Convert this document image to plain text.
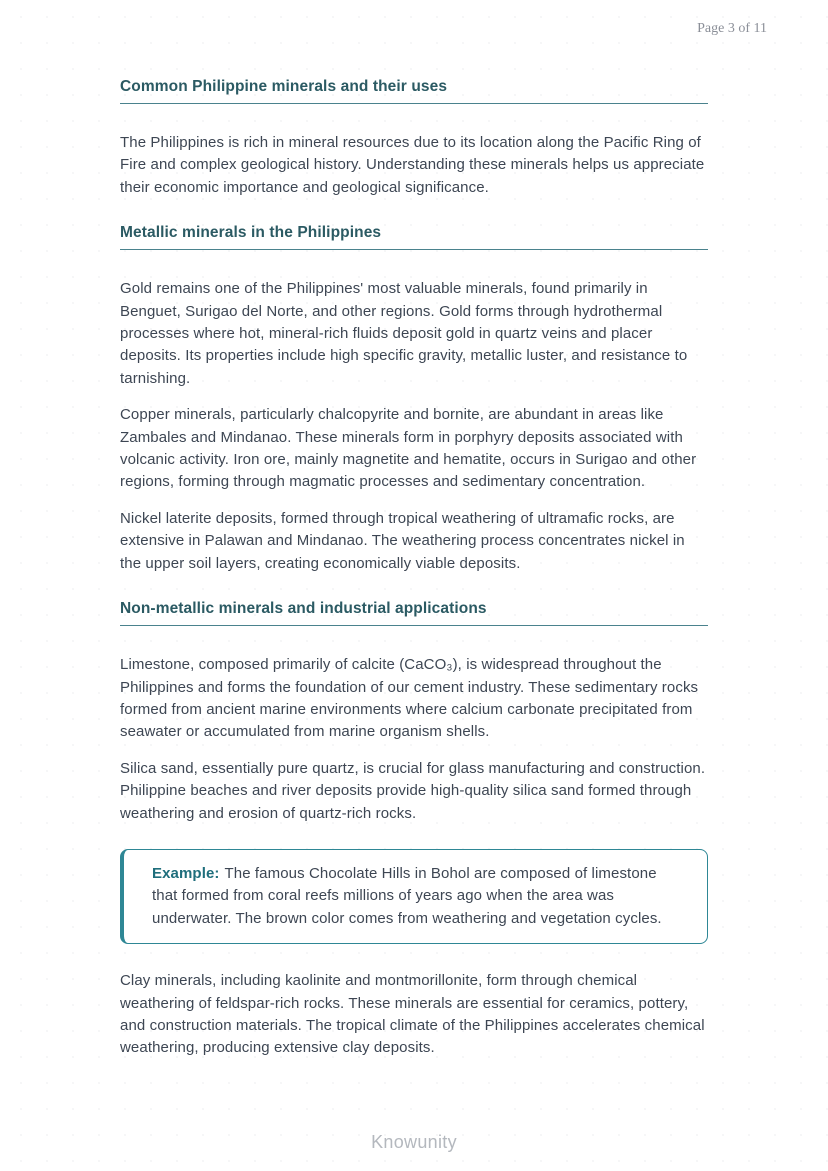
Page 3 of 11
Common Philippine minerals and their uses

The Philippines is rich in mineral resources due to its location along the Pacific Ring of Fire and complex geological history. Understanding these minerals helps us appreciate their economic importance and geological significance.

Metallic minerals in the Philippines

Gold remains one of the Philippines' most valuable minerals, found primarily in Benguet, Surigao del Norte, and other regions. Gold forms through hydrothermal processes where hot, mineral-rich fluids deposit gold in quartz veins and placer deposits. Its properties include high specific gravity, metallic luster, and resistance to tarnishing.

Copper minerals, particularly chalcopyrite and bornite, are abundant in areas like Zambales and Mindanao. These minerals form in porphyry deposits associated with volcanic activity. Iron ore, mainly magnetite and hematite, occurs in Surigao and other regions, forming through magmatic processes and sedimentary concentration.

Nickel laterite deposits, formed through tropical weathering of ultramafic rocks, are extensive in Palawan and Mindanao. The weathering process concentrates nickel in the upper soil layers, creating economically viable deposits.

Non-metallic minerals and industrial applications

Limestone, composed primarily of calcite (CaCO₃), is widespread throughout the Philippines and forms the foundation of our cement industry. These sedimentary rocks formed from ancient marine environments where calcium carbonate precipitated from seawater or accumulated from marine organism shells.

Silica sand, essentially pure quartz, is crucial for glass manufacturing and construction. Philippine beaches and river deposits provide high-quality silica sand formed through weathering and erosion of quartz-rich rocks.

Example: The famous Chocolate Hills in Bohol are composed of limestone that formed from coral reefs millions of years ago when the area was underwater. The brown color comes from weathering and vegetation cycles.

Clay minerals, including kaolinite and montmorillonite, form through chemical weathering of feldspar-rich rocks. These minerals are essential for ceramics, pottery, and construction materials. The tropical climate of the Philippines accelerates chemical weathering, producing extensive clay deposits.

Knowunity
